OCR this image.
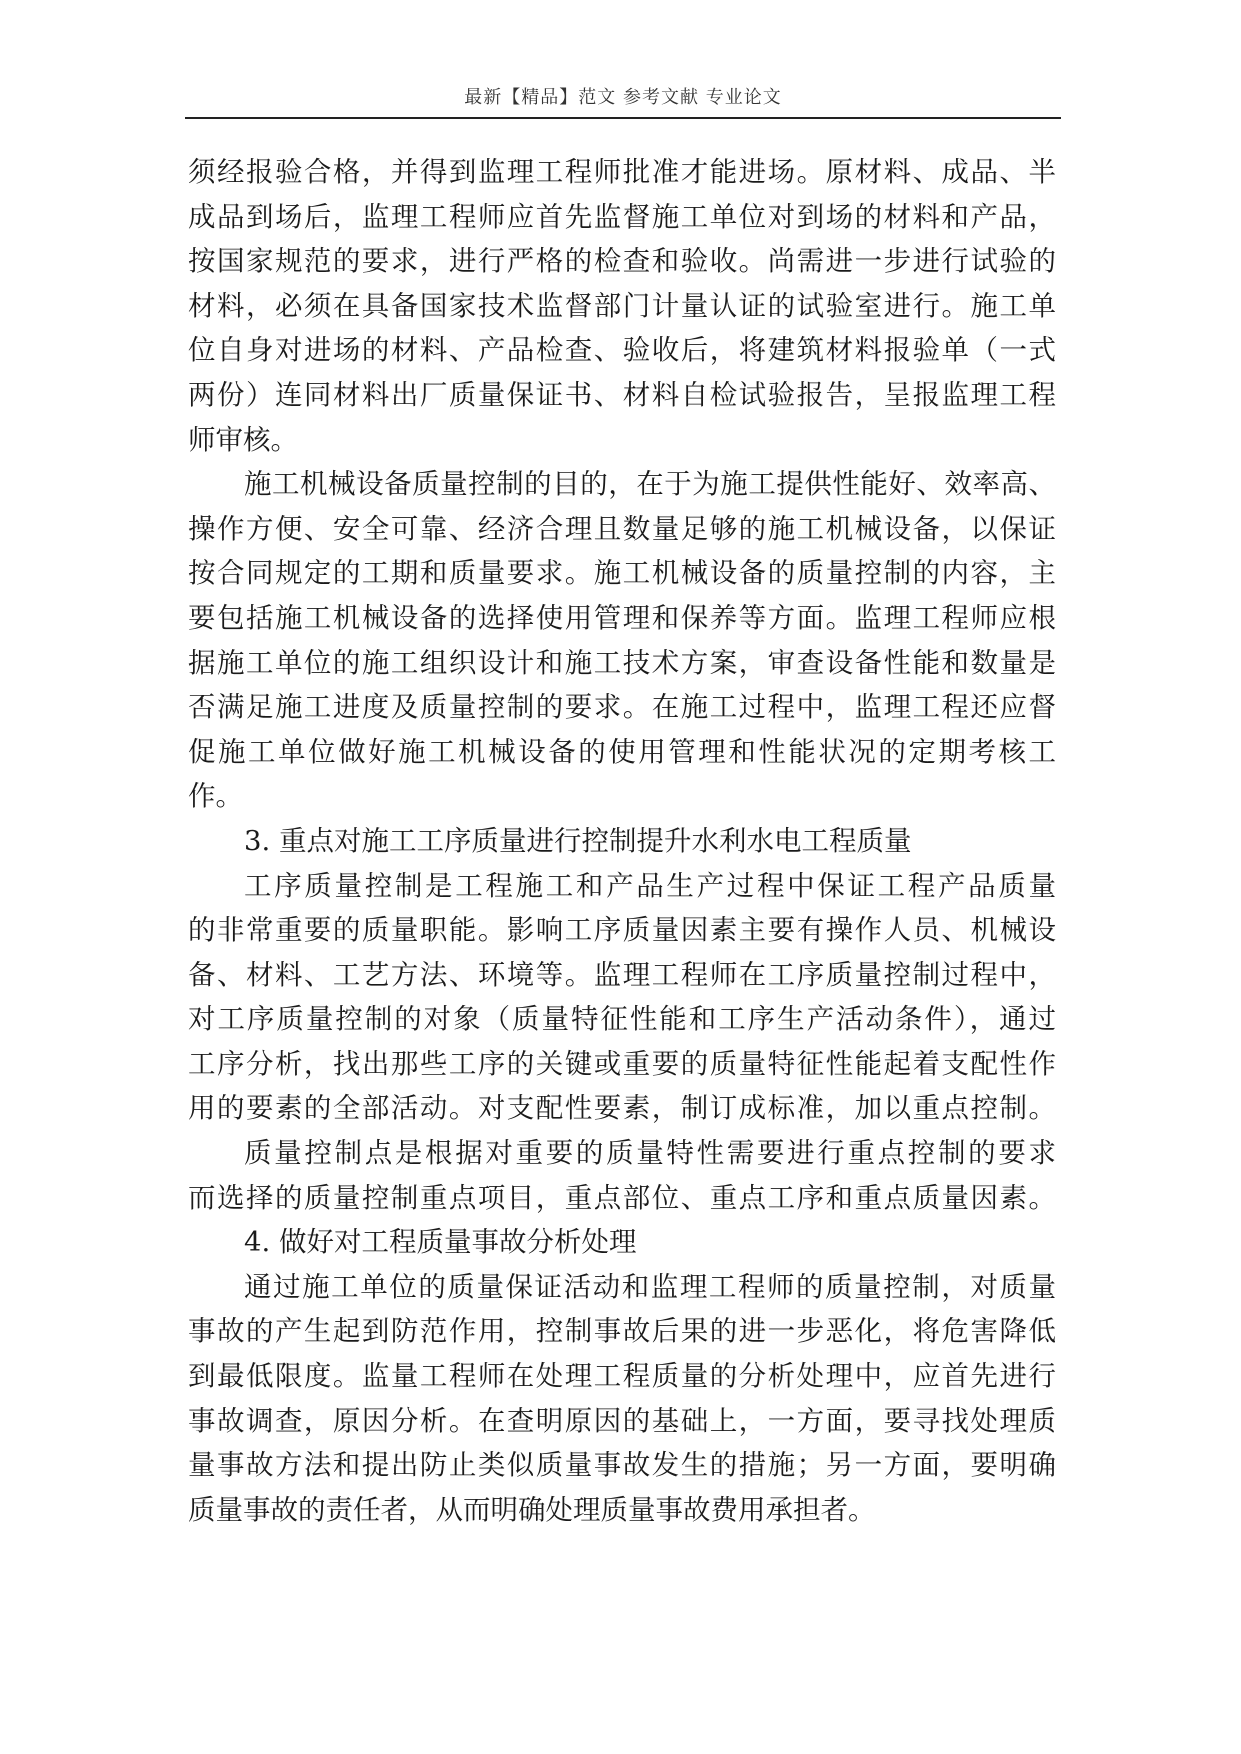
最新【精品】范文 参考文献 专业论文
须经报验合格，并得到监理工程师批准才能进场。原材料、成品、半
成品到场后，监理工程师应首先监督施工单位对到场的材料和产品，
按国家规范的要求，进行严格的检查和验收。尚需进一步进行试验的
材料，必须在具备国家技术监督部门计量认证的试验室进行。施工单
位自身对进场的材料、产品检查、验收后，将建筑材料报验单（一式
两份）连同材料出厂质量保证书、材料自检试验报告，呈报监理工程
师审核。
施工机械设备质量控制的目的，在于为施工提供性能好、效率高、
操作方便、安全可靠、经济合理且数量足够的施工机械设备，以保证
按合同规定的工期和质量要求。施工机械设备的质量控制的内容，主
要包括施工机械设备的选择使用管理和保养等方面。监理工程师应根
据施工单位的施工组织设计和施工技术方案，审查设备性能和数量是
否满足施工进度及质量控制的要求。在施工过程中，监理工程还应督
促施工单位做好施工机械设备的使用管理和性能状况的定期考核工
作。
3. 重点对施工工序质量进行控制提升水利水电工程质量
工序质量控制是工程施工和产品生产过程中保证工程产品质量
的非常重要的质量职能。影响工序质量因素主要有操作人员、机械设
备、材料、工艺方法、环境等。监理工程师在工序质量控制过程中，
对工序质量控制的对象（质量特征性能和工序生产活动条件），通过
工序分析，找出那些工序的关键或重要的质量特征性能起着支配性作
用的要素的全部活动。对支配性要素，制订成标准，加以重点控制。
质量控制点是根据对重要的质量特性需要进行重点控制的要求
而选择的质量控制重点项目，重点部位、重点工序和重点质量因素。
4. 做好对工程质量事故分析处理
通过施工单位的质量保证活动和监理工程师的质量控制，对质量
事故的产生起到防范作用，控制事故后果的进一步恶化，将危害降低
到最低限度。监量工程师在处理工程质量的分析处理中，应首先进行
事故调查，原因分析。在查明原因的基础上，一方面，要寻找处理质
量事故方法和提出防止类似质量事故发生的措施；另一方面，要明确
质量事故的责任者，从而明确处理质量事故费用承担者。
